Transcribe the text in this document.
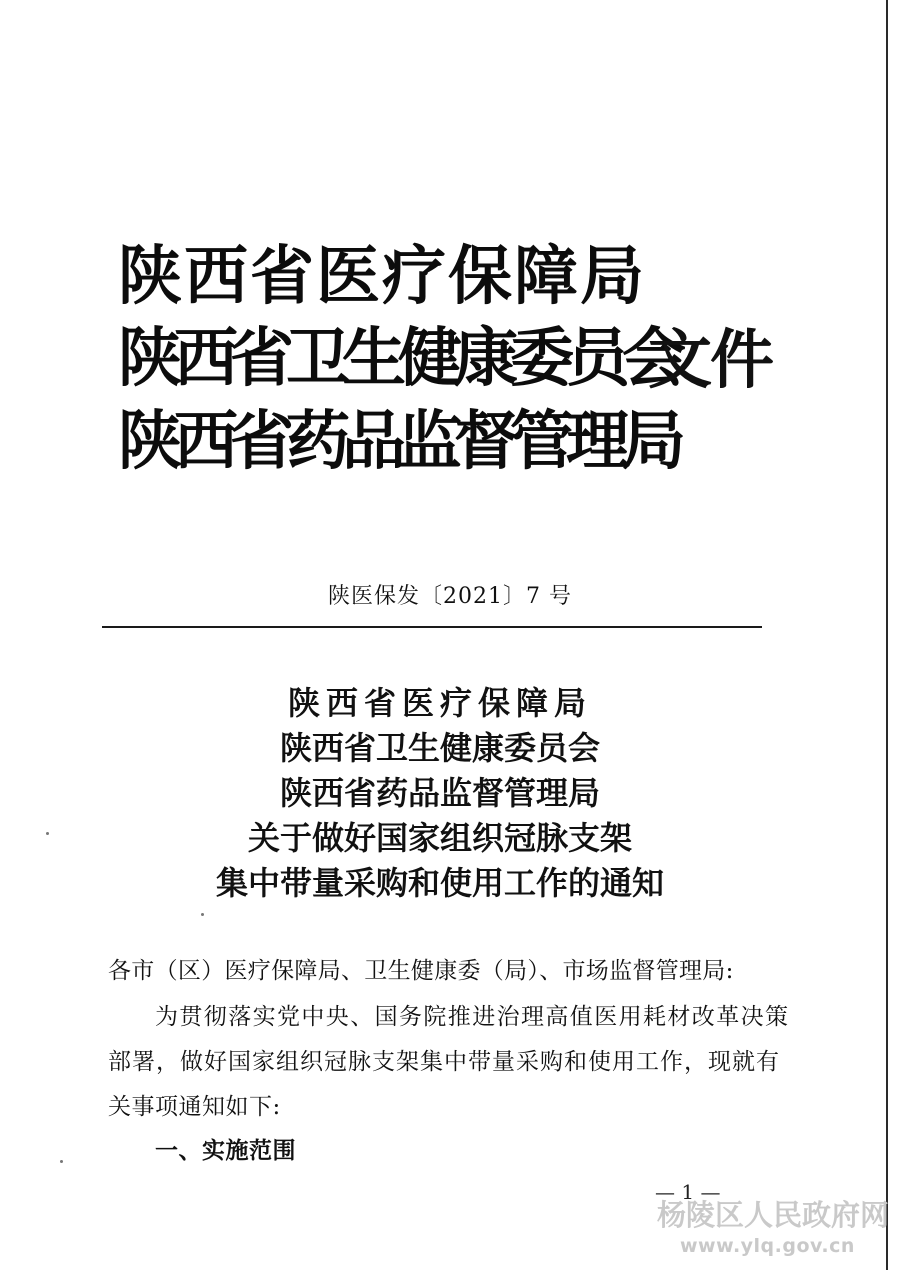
陕西省医疗保障局
陕西省卫生健康委员会
陕西省药品监督管理局
文件
陕医保发〔2021〕7 号
陕西省医疗保障局
陕西省卫生健康委员会
陕西省药品监督管理局
关于做好国家组织冠脉支架
集中带量采购和使用工作的通知
各市（区）医疗保障局、卫生健康委（局）、市场监督管理局:
为贯彻落实党中央、国务院推进治理高值医用耗材改革决策
部署，做好国家组织冠脉支架集中带量采购和使用工作，现就有
关事项通知如下:
一、实施范围
— 1 —
杨陵区人民政府网
www.ylq.gov.cn
